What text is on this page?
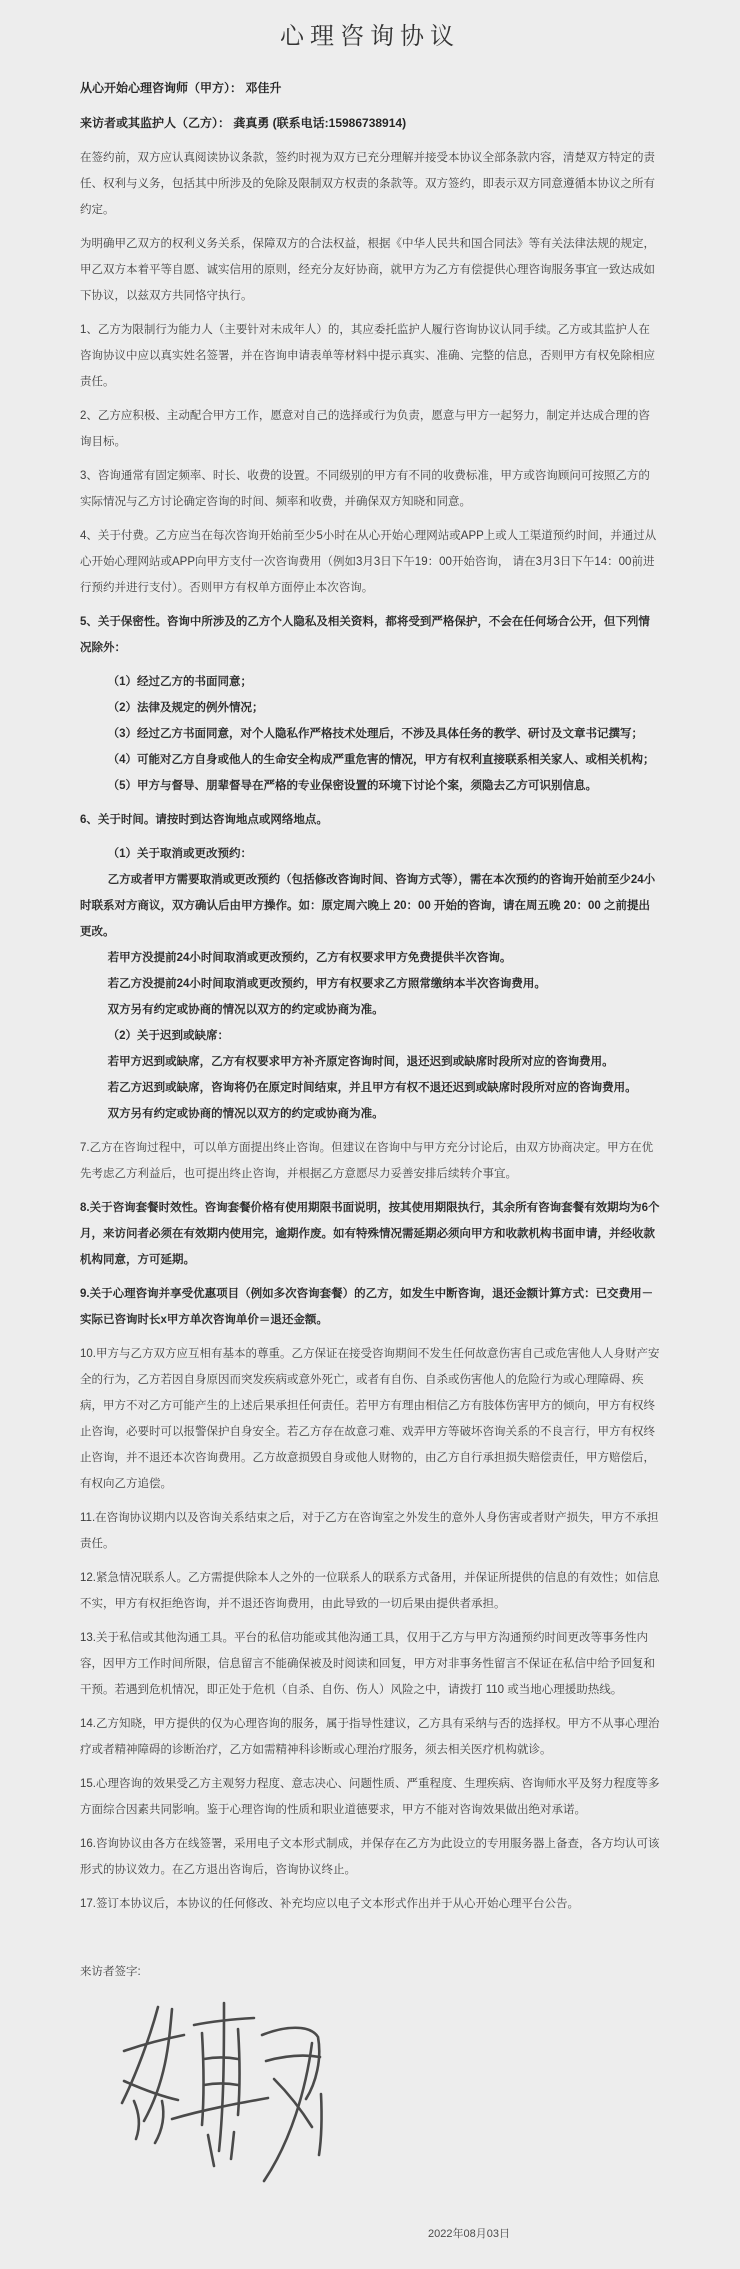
心理咨询协议

从心开始心理咨询师（甲方）： 邓佳升

来访者或其监护人（乙方）： 龚真勇 (联系电话:15986738914)

在签约前，双方应认真阅读协议条款，签约时视为双方已充分理解并接受本协议全部条款内容，清楚双方特定的责任、权利与义务，包括其中所涉及的免除及限制双方权责的条款等。双方签约，即表示双方同意遵循本协议之所有约定。

为明确甲乙双方的权利义务关系，保障双方的合法权益，根据《中华人民共和国合同法》等有关法律法规的规定，甲乙双方本着平等自愿、诚实信用的原则，经充分友好协商，就甲方为乙方有偿提供心理咨询服务事宜一致达成如下协议，以兹双方共同恪守执行。

1、乙方为限制行为能力人（主要针对未成年人）的，其应委托监护人履行咨询协议认同手续。乙方或其监护人在咨询协议中应以真实姓名签署，并在咨询申请表单等材料中提示真实、准确、完整的信息，否则甲方有权免除相应责任。

2、乙方应积极、主动配合甲方工作，愿意对自己的选择或行为负责，愿意与甲方一起努力，制定并达成合理的咨询目标。

3、咨询通常有固定频率、时长、收费的设置。不同级别的甲方有不同的收费标准，甲方或咨询顾问可按照乙方的实际情况与乙方讨论确定咨询的时间、频率和收费，并确保双方知晓和同意。

4、关于付费。乙方应当在每次咨询开始前至少5小时在从心开始心理网站或APP上或人工渠道预约时间，并通过从心开始心理网站或APP向甲方支付一次咨询费用（例如3月3日下午19：00开始咨询， 请在3月3日下午14：00前进行预约并进行支付）。否则甲方有权单方面停止本次咨询。

5、关于保密性。咨询中所涉及的乙方个人隐私及相关资料，都将受到严格保护，不会在任何场合公开，但下列情况除外：

（1）经过乙方的书面同意；

（2）法律及规定的例外情况；

（3）经过乙方书面同意，对个人隐私作严格技术处理后，不涉及具体任务的教学、研讨及文章书记撰写；

（4）可能对乙方自身或他人的生命安全构成严重危害的情况，甲方有权利直接联系相关家人、或相关机构；

（5）甲方与督导、朋辈督导在严格的专业保密设置的环境下讨论个案，须隐去乙方可识别信息。

6、关于时间。请按时到达咨询地点或网络地点。

（1）关于取消或更改预约：

乙方或者甲方需要取消或更改预约（包括修改咨询时间、咨询方式等），需在本次预约的咨询开始前至少24小时联系对方商议，双方确认后由甲方操作。如：原定周六晚上 20：00 开始的咨询，请在周五晚 20：00 之前提出更改。

若甲方没提前24小时间取消或更改预约，乙方有权要求甲方免费提供半次咨询。

若乙方没提前24小时间取消或更改预约，甲方有权要求乙方照常缴纳本半次咨询费用。

双方另有约定或协商的情况以双方的约定或协商为准。

（2）关于迟到或缺席：

若甲方迟到或缺席，乙方有权要求甲方补齐原定咨询时间，退还迟到或缺席时段所对应的咨询费用。

若乙方迟到或缺席，咨询将仍在原定时间结束，并且甲方有权不退还迟到或缺席时段所对应的咨询费用。

双方另有约定或协商的情况以双方的约定或协商为准。

7.乙方在咨询过程中，可以单方面提出终止咨询。但建议在咨询中与甲方充分讨论后，由双方协商决定。甲方在优先考虑乙方利益后，也可提出终止咨询，并根据乙方意愿尽力妥善安排后续转介事宜。

8.关于咨询套餐时效性。咨询套餐价格有使用期限书面说明，按其使用期限执行，其余所有咨询套餐有效期均为6个月，来访问者必须在有效期内使用完，逾期作废。如有特殊情况需延期必须向甲方和收款机构书面申请，并经收款机构同意，方可延期。

9.关于心理咨询并享受优惠项目（例如多次咨询套餐）的乙方，如发生中断咨询，退还金额计算方式：已交费用－实际已咨询时长x甲方单次咨询单价＝退还金额。

10.甲方与乙方双方应互相有基本的尊重。乙方保证在接受咨询期间不发生任何故意伤害自己或危害他人人身财产安全的行为，乙方若因自身原因而突发疾病或意外死亡，或者有自伤、自杀或伤害他人的危险行为或心理障碍、疾病，甲方不对乙方可能产生的上述后果承担任何责任。若甲方有理由相信乙方有肢体伤害甲方的倾向，甲方有权终止咨询，必要时可以报警保护自身安全。若乙方存在故意刁难、戏弄甲方等破坏咨询关系的不良言行，甲方有权终止咨询，并不退还本次咨询费用。乙方故意损毁自身或他人财物的，由乙方自行承担损失赔偿责任，甲方赔偿后，有权向乙方追偿。

11.在咨询协议期内以及咨询关系结束之后，对于乙方在咨询室之外发生的意外人身伤害或者财产损失，甲方不承担责任。

12.紧急情况联系人。乙方需提供除本人之外的一位联系人的联系方式备用，并保证所提供的信息的有效性；如信息不实，甲方有权拒绝咨询，并不退还咨询费用，由此导致的一切后果由提供者承担。

13.关于私信或其他沟通工具。平台的私信功能或其他沟通工具，仅用于乙方与甲方沟通预约时间更改等事务性内容，因甲方工作时间所限，信息留言不能确保被及时阅读和回复，甲方对非事务性留言不保证在私信中给予回复和干预。若遇到危机情况，即正处于危机（自杀、自伤、伤人）风险之中，请拨打 110 或当地心理援助热线。

14.乙方知晓，甲方提供的仅为心理咨询的服务，属于指导性建议，乙方具有采纳与否的选择权。甲方不从事心理治疗或者精神障碍的诊断治疗，乙方如需精神科诊断或心理治疗服务，须去相关医疗机构就诊。

15.心理咨询的效果受乙方主观努力程度、意志决心、问题性质、严重程度、生理疾病、咨询师水平及努力程度等多方面综合因素共同影响。鉴于心理咨询的性质和职业道德要求，甲方不能对咨询效果做出绝对承诺。

16.咨询协议由各方在线签署，采用电子文本形式制成，并保存在乙方为此设立的专用服务器上备查，各方均认可该形式的协议效力。在乙方退出咨询后，咨询协议终止。

17.签订本协议后，本协议的任何修改、补充均应以电子文本形式作出并于从心开始心理平台公告。

来访者签字:

2022年08月03日
